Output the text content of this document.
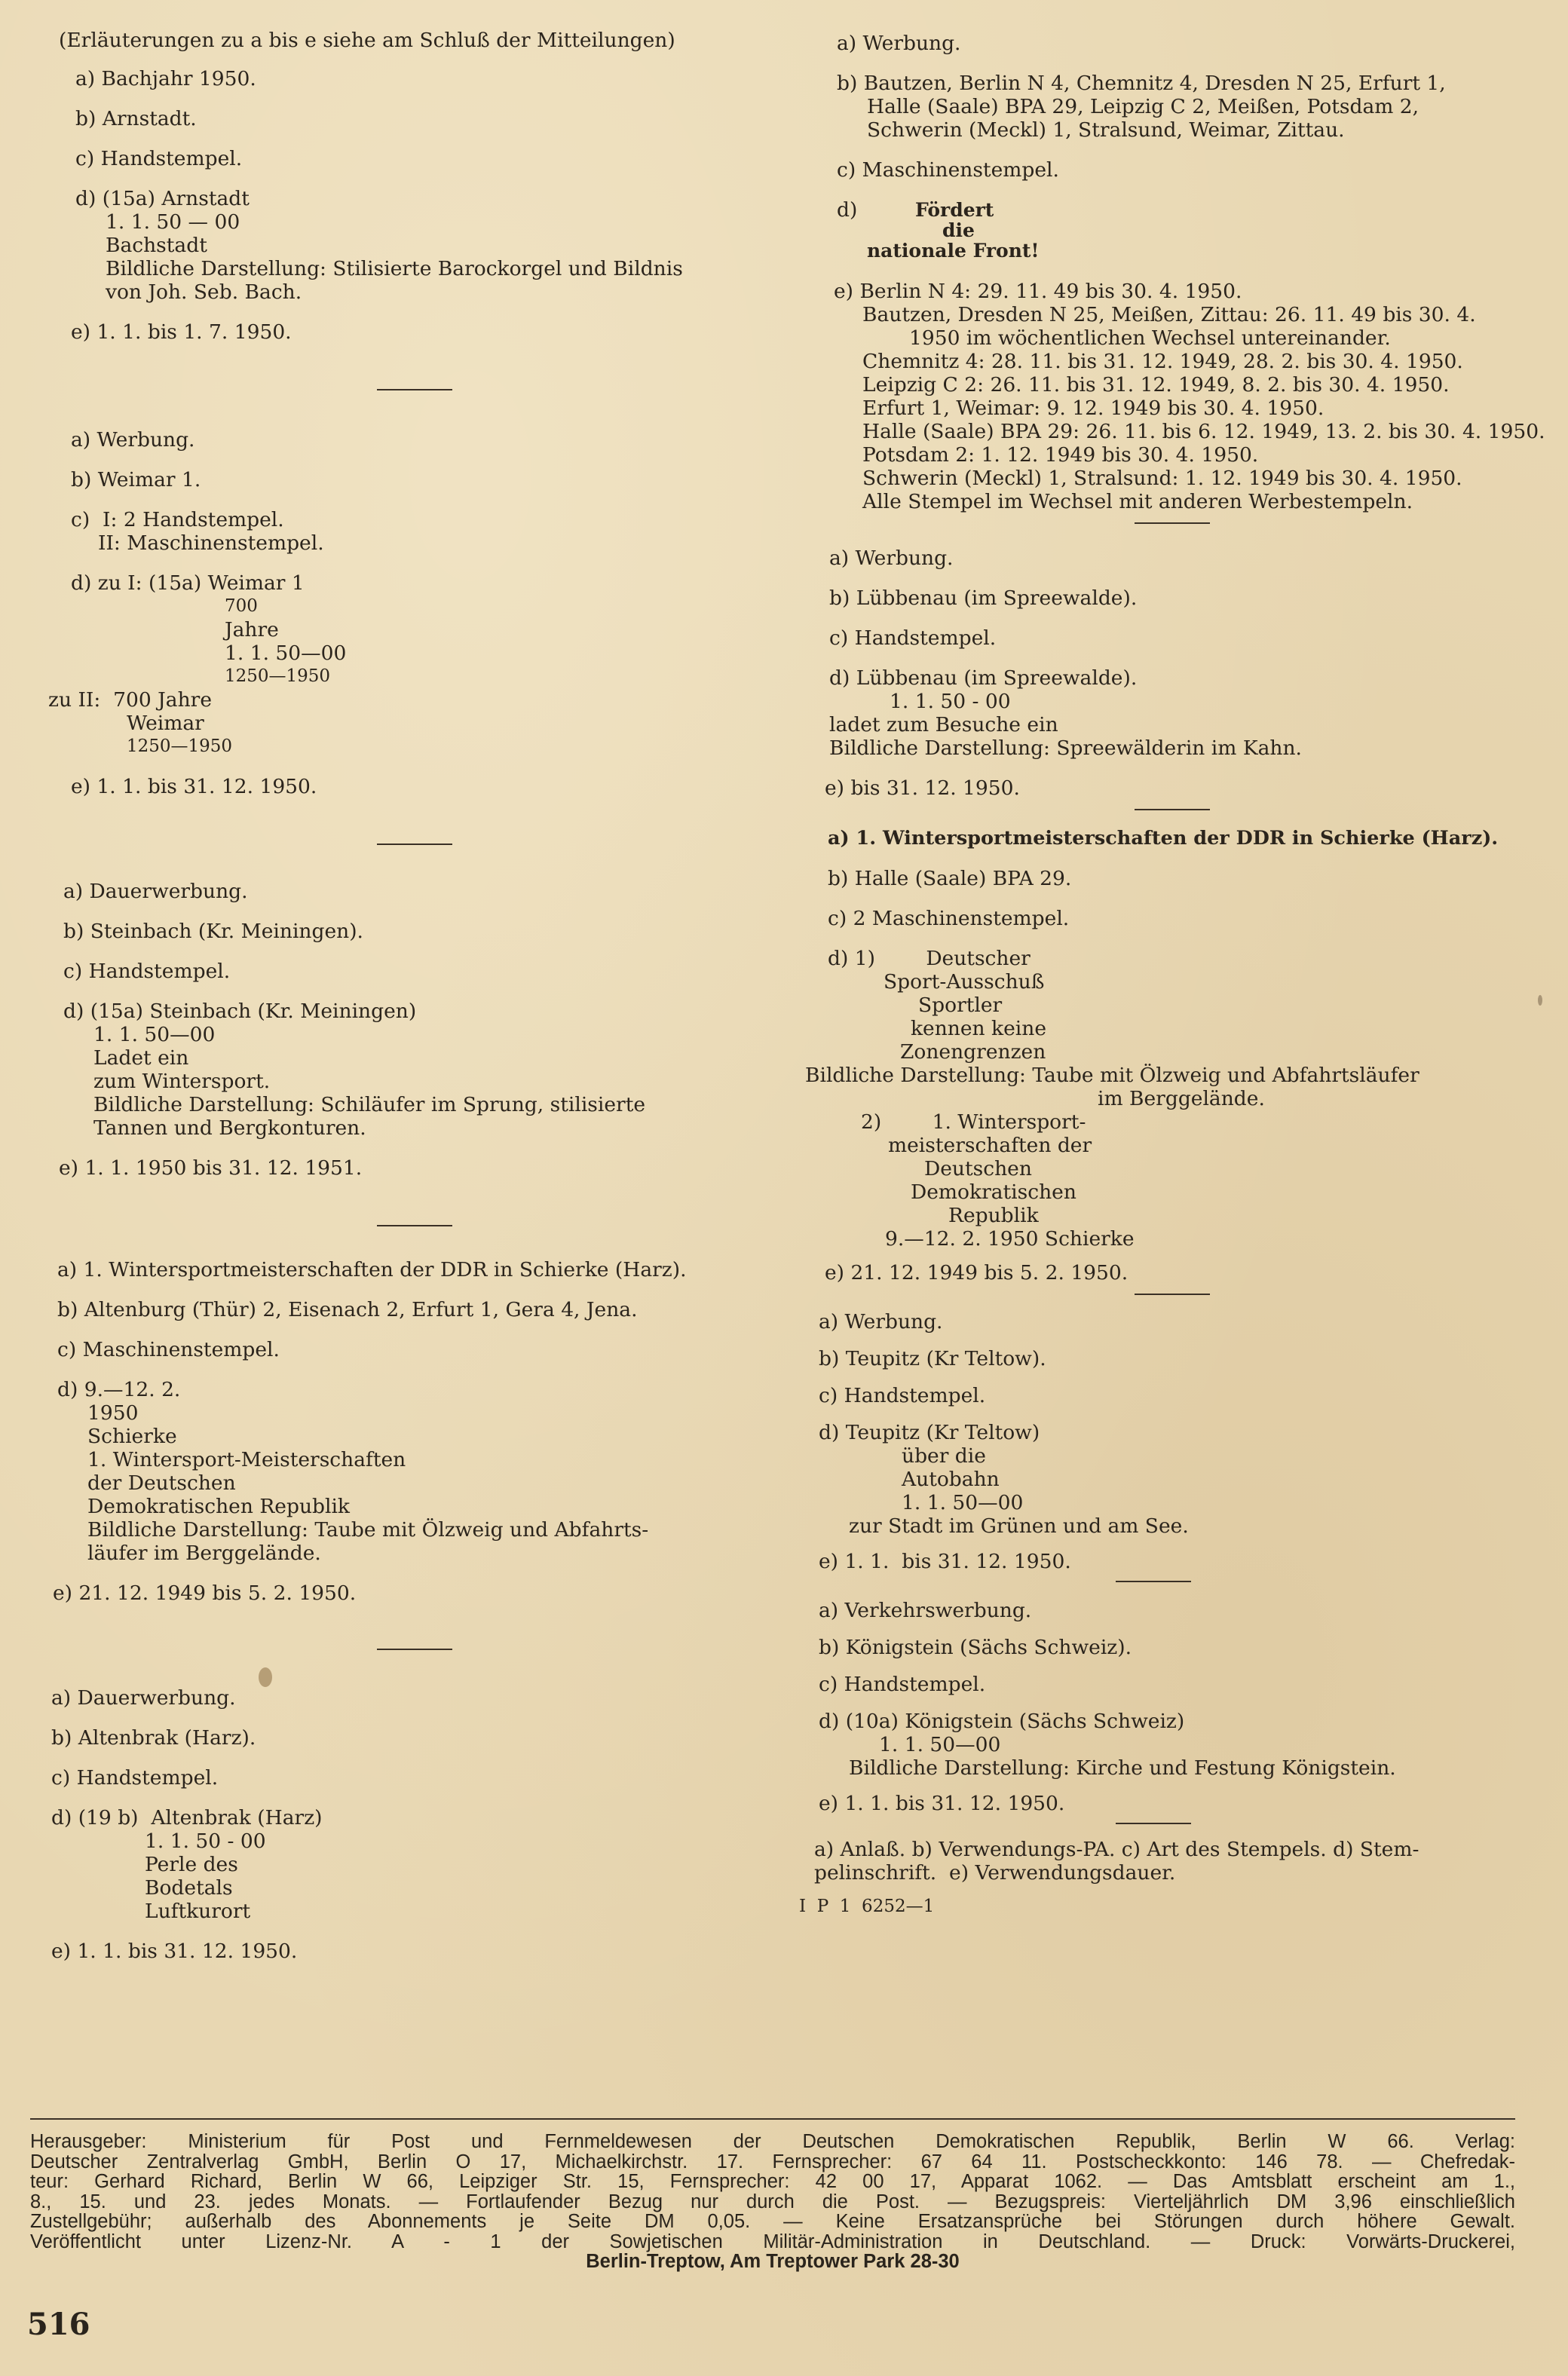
(Erläuterungen zu a bis e siehe am Schluß der Mitteilungen)
a) Bachjahr 1950.
b) Arnstadt.
c) Handstempel.
d) (15a) Arnstadt
1. 1. 50 — 00
Bachstadt
Bildliche Darstellung: Stilisierte Barockorgel und Bildnis
von Joh. Seb. Bach.
e) 1. 1. bis 1. 7. 1950.
a) Werbung.
b) Weimar 1.
c)  I: 2 Handstempel.
II: Maschinenstempel.
d) zu I: (15a) Weimar 1
700
Jahre
1. 1. 50—00
1250—1950
zu II:  700 Jahre
Weimar
1250—1950
e) 1. 1. bis 31. 12. 1950.
a) Dauerwerbung.
b) Steinbach (Kr. Meiningen).
c) Handstempel.
d) (15a) Steinbach (Kr. Meiningen)
1. 1. 50—00
Ladet ein
zum Wintersport.
Bildliche Darstellung: Schiläufer im Sprung, stilisierte
Tannen und Bergkonturen.
e) 1. 1. 1950 bis 31. 12. 1951.
a) 1. Wintersportmeisterschaften der DDR in Schierke (Harz).
b) Altenburg (Thür) 2, Eisenach 2, Erfurt 1, Gera 4, Jena.
c) Maschinenstempel.
d) 9.—12. 2.
1950
Schierke
1. Wintersport-Meisterschaften
der Deutschen
Demokratischen Republik
Bildliche Darstellung: Taube mit Ölzweig und Abfahrts-
läufer im Berggelände.
e) 21. 12. 1949 bis 5. 2. 1950.
a) Dauerwerbung.
b) Altenbrak (Harz).
c) Handstempel.
d) (19 b)  Altenbrak (Harz)
1. 1. 50 - 00
Perle des
Bodetals
Luftkurort
e) 1. 1. bis 31. 12. 1950.
a) Werbung.
b) Bautzen, Berlin N 4, Chemnitz 4, Dresden N 25, Erfurt 1,
Halle (Saale) BPA 29, Leipzig C 2, Meißen, Potsdam 2,
Schwerin (Meckl) 1, Stralsund, Weimar, Zittau.
c) Maschinenstempel.
d)	Fördert
die
nationale Front!
e) Berlin N 4: 29. 11. 49 bis 30. 4. 1950.
Bautzen, Dresden N 25, Meißen, Zittau: 26. 11. 49 bis 30. 4.
1950 im wöchentlichen Wechsel untereinander.
Chemnitz 4: 28. 11. bis 31. 12. 1949, 28. 2. bis 30. 4. 1950.
Leipzig C 2: 26. 11. bis 31. 12. 1949, 8. 2. bis 30. 4. 1950.
Erfurt 1, Weimar: 9. 12. 1949 bis 30. 4. 1950.
Halle (Saale) BPA 29: 26. 11. bis 6. 12. 1949, 13. 2. bis 30. 4. 1950.
Potsdam 2: 1. 12. 1949 bis 30. 4. 1950.
Schwerin (Meckl) 1, Stralsund: 1. 12. 1949 bis 30. 4. 1950.
Alle Stempel im Wechsel mit anderen Werbestempeln.
a) Werbung.
b) Lübbenau (im Spreewalde).
c) Handstempel.
d) Lübbenau (im Spreewalde).
1. 1. 50 - 00
ladet zum Besuche ein
Bildliche Darstellung: Spreewälderin im Kahn.
e) bis 31. 12. 1950.
a) 1. Wintersportmeisterschaften der DDR in Schierke (Harz).
b) Halle (Saale) BPA 29.
c) 2 Maschinenstempel.
d) 1)        Deutscher
Sport-Ausschuß
Sportler
kennen keine
Zonengrenzen
Bildliche Darstellung: Taube mit Ölzweig und Abfahrtsläufer
im Berggelände.
2)        1. Wintersport-
meisterschaften der
Deutschen
Demokratischen
Republik
9.—12. 2. 1950 Schierke
e) 21. 12. 1949 bis 5. 2. 1950.
a) Werbung.
b) Teupitz (Kr Teltow).
c) Handstempel.
d) Teupitz (Kr Teltow)
über die
Autobahn
1. 1. 50—00
zur Stadt im Grünen und am See.
e) 1. 1.  bis 31. 12. 1950.
a) Verkehrswerbung.
b) Königstein (Sächs Schweiz).
c) Handstempel.
d) (10a) Königstein (Sächs Schweiz)
1. 1. 50—00
Bildliche Darstellung: Kirche und Festung Königstein.
e) 1. 1. bis 31. 12. 1950.
a) Anlaß. b) Verwendungs-PA. c) Art des Stempels. d) Stem-
pelinschrift.  e) Verwendungsdauer.
I  P  1  6252—1
Herausgeber: Ministerium für Post und Fernmeldewesen der Deutschen Demokratischen Republik, Berlin W 66. Verlag:
Deutscher Zentralverlag GmbH, Berlin O 17, Michaelkirchstr. 17. Fernsprecher: 67 64 11. Postscheckkonto: 146 78. — Chefredak-
teur: Gerhard Richard, Berlin W 66, Leipziger Str. 15, Fernsprecher: 42 00 17, Apparat 1062. — Das Amtsblatt erscheint am 1.,
8., 15. und 23. jedes Monats. — Fortlaufender Bezug nur durch die Post. — Bezugspreis: Vierteljährlich DM 3,96 einschließlich
Zustellgebühr; außerhalb des Abonnements je Seite DM 0,05. — Keine Ersatzansprüche bei Störungen durch höhere Gewalt.
Veröffentlicht unter Lizenz-Nr. A - 1 der Sowjetischen Militär-Administration in Deutschland. — Druck: Vorwärts-Druckerei,
Berlin-Treptow, Am Treptower Park 28-30
516
